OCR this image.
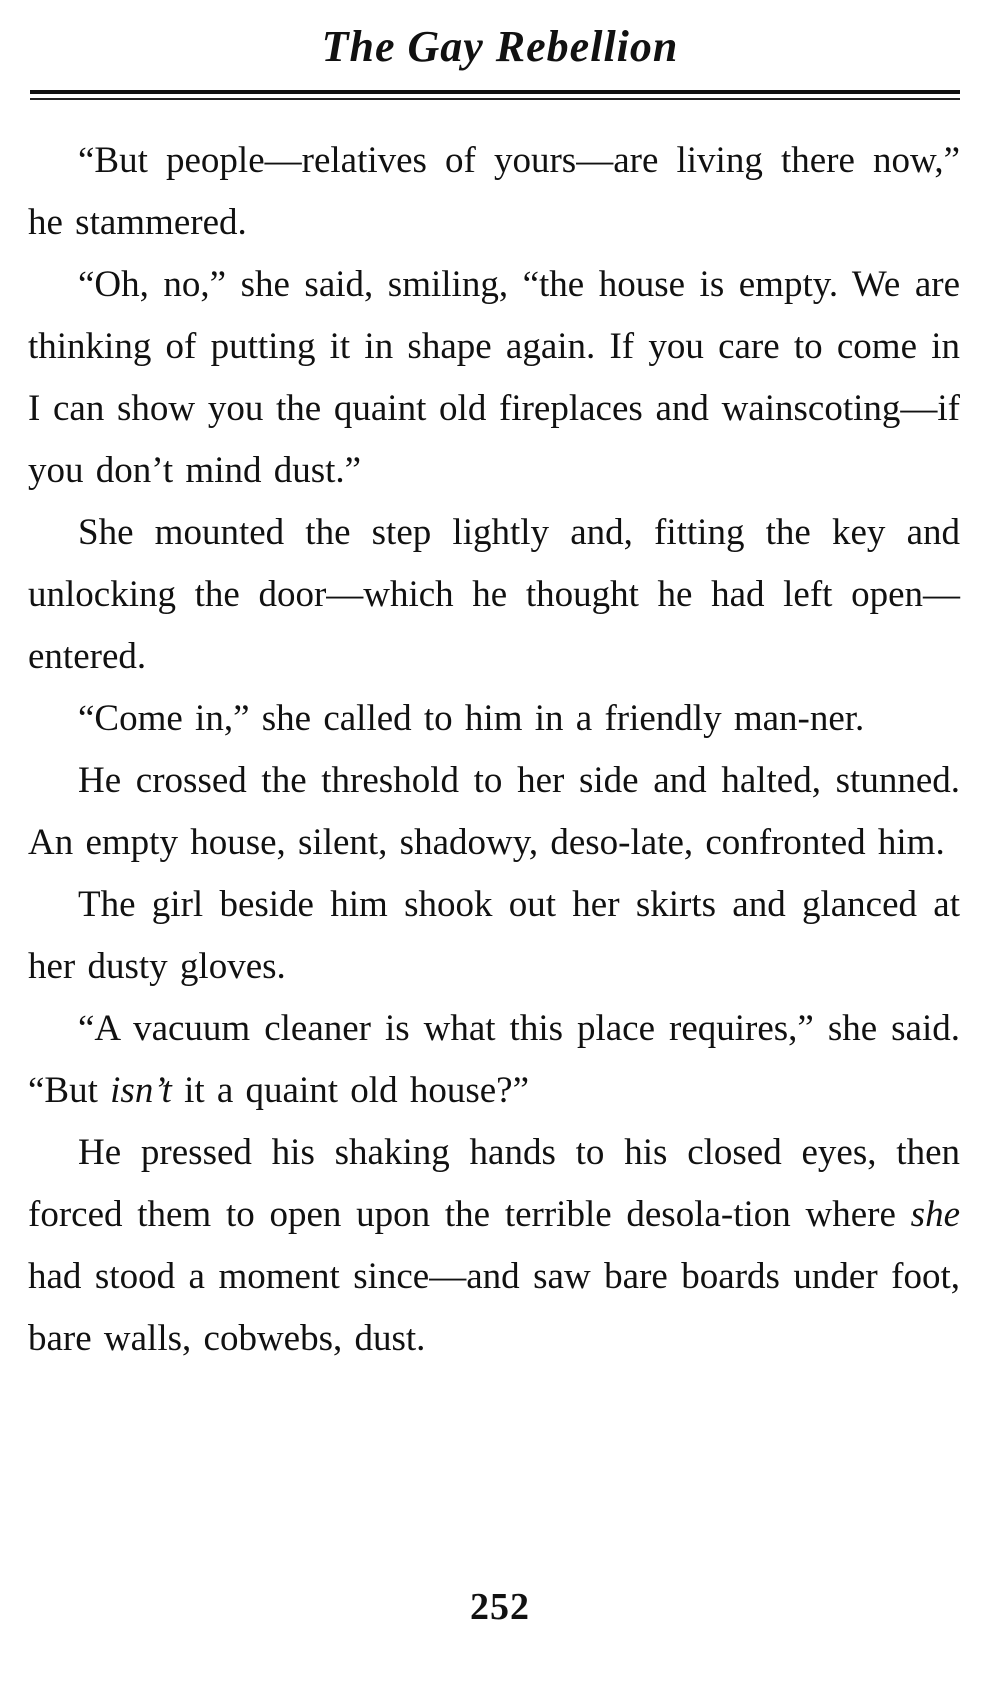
The Gay Rebellion

“But people—relatives of yours—are living there now,” he stammered.

“Oh, no,” she said, smiling, “the house is empty. We are thinking of putting it in shape again. If you care to come in I can show you the quaint old fireplaces and wainscoting—if you don’t mind dust.”

She mounted the step lightly and, fitting the key and unlocking the door—which he thought he had left open—entered.

“Come in,” she called to him in a friendly man-ner.

He crossed the threshold to her side and halted, stunned. An empty house, silent, shadowy, deso-late, confronted him.

The girl beside him shook out her skirts and glanced at her dusty gloves.

“A vacuum cleaner is what this place requires,” she said. “But isn’t it a quaint old house?”

He pressed his shaking hands to his closed eyes, then forced them to open upon the terrible desola-tion where she had stood a moment since—and saw bare boards under foot, bare walls, cobwebs, dust.

252
